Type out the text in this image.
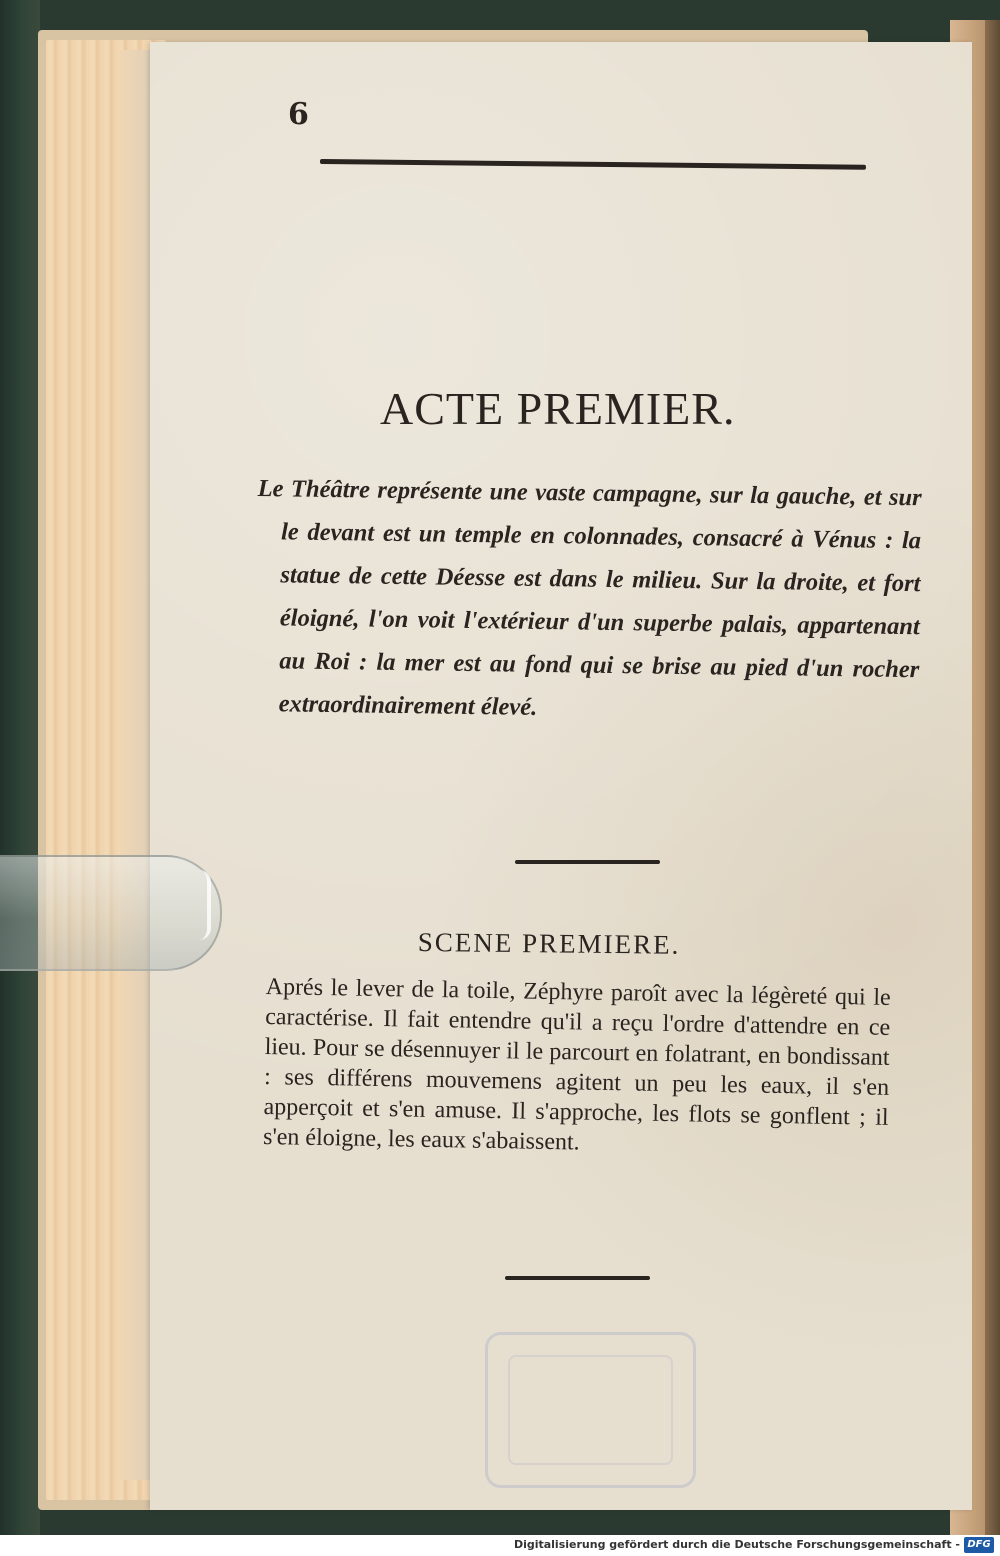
6
ACTE PREMIER.
Le Théâtre représente une vaste campagne, sur la gauche, et sur le devant est un temple en colonnades, consacré à Vénus : la statue de cette Déesse est dans le milieu. Sur la droite, et fort éloigné, l'on voit l'extérieur d'un superbe palais, appartenant au Roi : la mer est au fond qui se brise au pied d'un rocher extraordinairement élevé.
SCENE PREMIERE.
Aprés le lever de la toile, Zéphyre paroît avec la légèreté qui le caractérise. Il fait entendre qu'il a reçu l'ordre d'attendre en ce lieu. Pour se désennuyer il le parcourt en folatrant, en bondissant : ses différens mouvemens agitent un peu les eaux, il s'en apperçoit et s'en amuse. Il s'approche, les flots se gonflent ; il s'en éloigne, les eaux s'abaissent.
Digitalisierung gefördert durch die Deutsche Forschungsgemeinschaft - DFG
